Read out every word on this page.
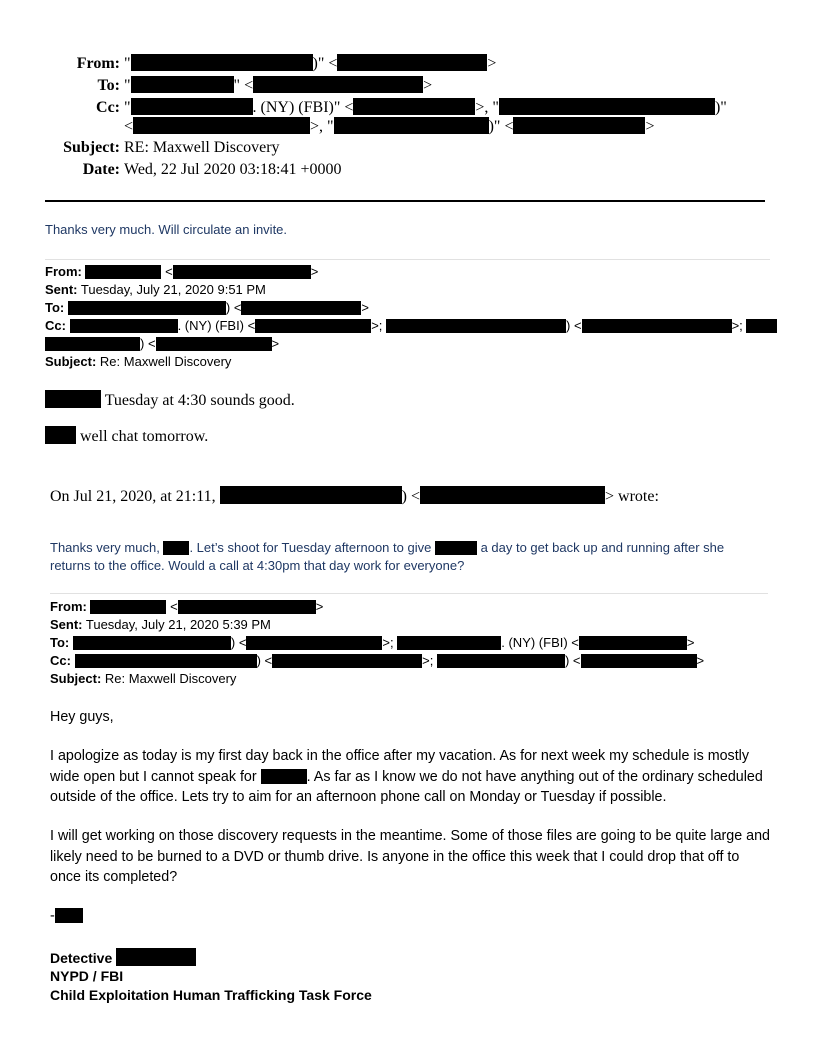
From: "	)" <	>
To: "	" <	>
Cc: "	. (NY) (FBI)" <	>, "	)"
<	>, "	)" <	>
Subject: RE: Maxwell Discovery
Date: Wed, 22 Jul 2020 03:18:41 +0000
Thanks very much. Will circulate an invite.
From:	<	>
Sent: Tuesday, July 21, 2020 9:51 PM
To:	) <	>
Cc:	. (NY) (FBI) <	>;	) <	>;
) <	>
Subject: Re: Maxwell Discovery
Tuesday at 4:30 sounds good.
well chat tomorrow.
On Jul 21, 2020, at 21:11,	) <	> wrote:
Thanks very much, . Let’s shoot for Tuesday afternoon to give	a day to get back up and running after she
returns to the office. Would a call at 4:30pm that day work for everyone?
From:	<	>
Sent: Tuesday, July 21, 2020 5:39 PM
To:	) <	>;	. (NY) (FBI) <	>
Cc:	) <	>;	) <	>
Subject: Re: Maxwell Discovery
Hey guys,
I apologize as today is my first day back in the office after my vacation. As for next week my schedule is mostly wide open but I cannot speak for	. As far as I know we do not have anything out of the ordinary scheduled outside of the office. Lets try to aim for an afternoon phone call on Monday or Tuesday if possible.
I will get working on those discovery requests in the meantime. Some of those files are going to be quite large and likely need to be burned to a DVD or thumb drive. Is anyone in the office this week that I could drop that off to once its completed?
-
Detective
NYPD / FBI
Child Exploitation Human Trafficking Task Force
